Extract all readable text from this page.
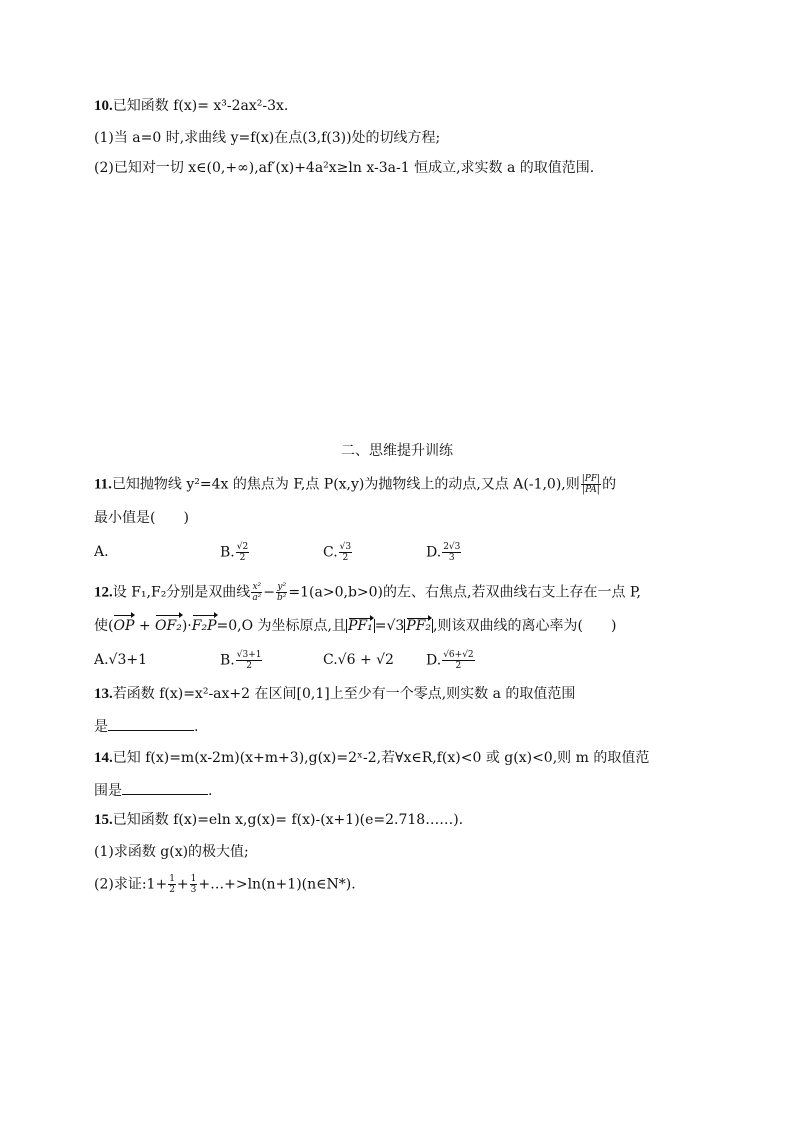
10.已知函数 f(x)= x³-2ax²-3x.
(1)当 a=0 时,求曲线 y=f(x)在点(3,f(3))处的切线方程;
(2)已知对一切 x∈(0,+∞),af′(x)+4a²x≥ln x-3a-1 恒成立,求实数 a 的取值范围.
二、思维提升训练
11.已知抛物线 y²=4x 的焦点为 F,点 P(x,y)为抛物线上的动点,又点 A(-1,0),则 $\frac{|PF|}{|PA|}$ 的
最小值是(　　)
A.	B. $\frac{√2}{2}$	C. $\frac{√3}{2}$	D. $\frac{2√3}{3}$
12.设 F₁,F₂分别是双曲线 $\frac{\text{x²}}{\text{a²}} - \frac{\text{y²}}{\text{b²}} =1(a>0,b>0)$的左、右焦点,若双曲线右支上存在一点 P,
使(OP + OF₂)·F₂P=0,O 为坐标原点,且 PF₁ =√3 PF₂ ,则该双曲线的离心率为(　　)
A.√3+1	B. $\frac{√3+1}{2}$	C.√6 + √2 D. $\frac{√6+√2}{2}$
13.若函数 f(x)=x²-ax+2 在区间[0,1]上至少有一个零点,则实数 a 的取值范围
是	.
14.已知 f(x)=m(x-2m)(x+m+3),g(x)=2ˣ-2,若∀x∈R,f(x)<0 或 g(x)<0,则 m 的取值范
围是	.
15.已知函数 f(x)=eln x,g(x)= f(x)-(x+1)(e=2.718……).
(1)求函数 g(x)的极大值;
(2)求证:1+ $\frac{1}{2} + \frac{1}{3}$ +…+>ln(n+1)(n∈N*).
